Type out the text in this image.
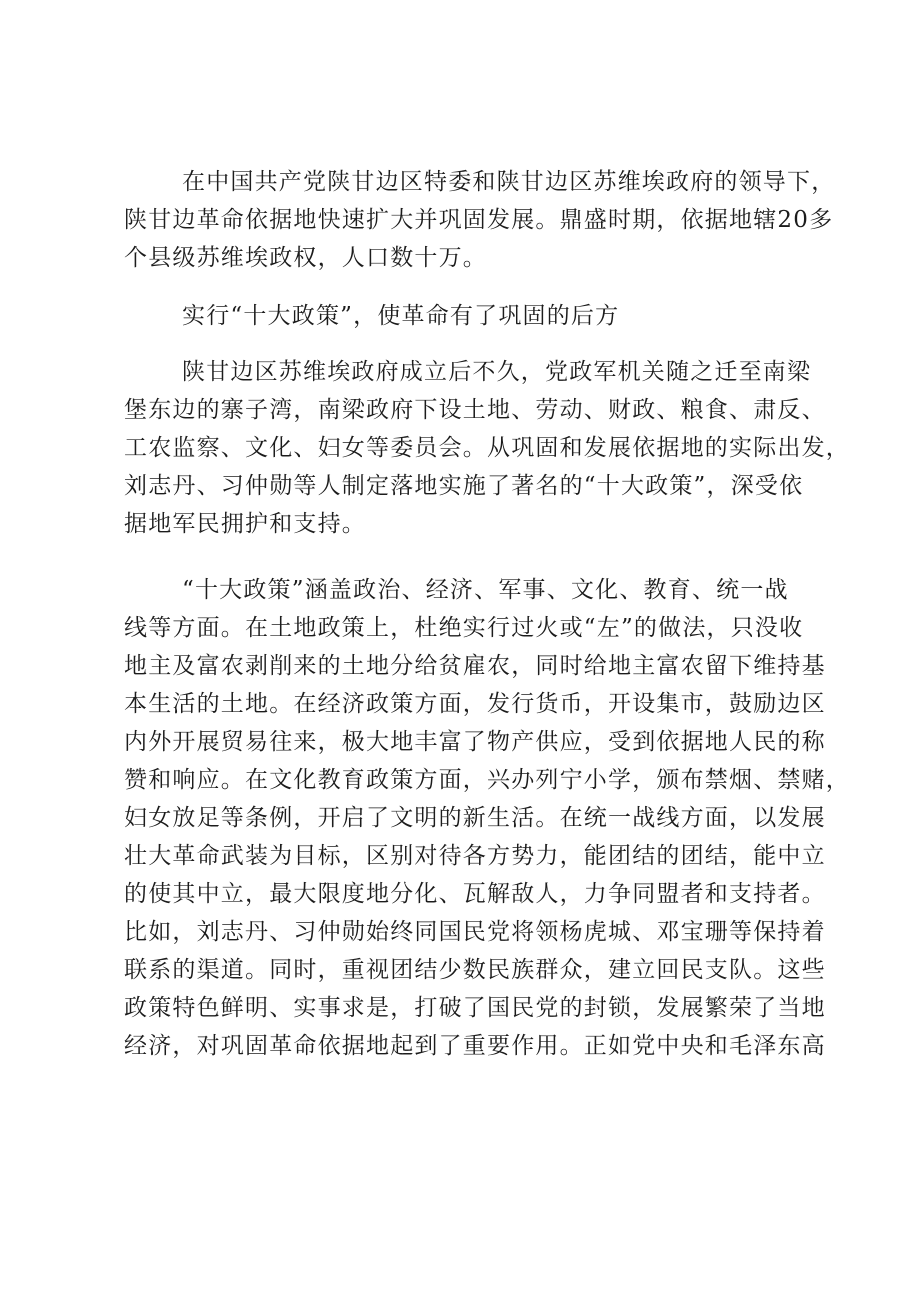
在中国共产党陕甘边区特委和陕甘边区苏维埃政府的领导下，
陕甘边革命依据地快速扩大并巩固发展。鼎盛时期，依据地辖20多
个县级苏维埃政权，人口数十万。
实行“十大政策”，使革命有了巩固的后方
陕甘边区苏维埃政府成立后不久，党政军机关随之迁至南梁
堡东边的寨子湾，南梁政府下设土地、劳动、财政、粮食、肃反、
工农监察、文化、妇女等委员会。从巩固和发展依据地的实际出发，
刘志丹、习仲勋等人制定落地实施了著名的“十大政策”，深受依
据地军民拥护和支持。
“十大政策”涵盖政治、经济、军事、文化、教育、统一战
线等方面。在土地政策上，杜绝实行过火或“左”的做法，只没收
地主及富农剥削来的土地分给贫雇农，同时给地主富农留下维持基
本生活的土地。在经济政策方面，发行货币，开设集市，鼓励边区
内外开展贸易往来，极大地丰富了物产供应，受到依据地人民的称
赞和响应。在文化教育政策方面，兴办列宁小学，颁布禁烟、禁赌，
妇女放足等条例，开启了文明的新生活。在统一战线方面，以发展
壮大革命武装为目标，区别对待各方势力，能团结的团结，能中立
的使其中立，最大限度地分化、瓦解敌人，力争同盟者和支持者。
比如，刘志丹、习仲勋始终同国民党将领杨虎城、邓宝珊等保持着
联系的渠道。同时，重视团结少数民族群众，建立回民支队。这些
政策特色鲜明、实事求是，打破了国民党的封锁，发展繁荣了当地
经济，对巩固革命依据地起到了重要作用。正如党中央和毛泽东高
